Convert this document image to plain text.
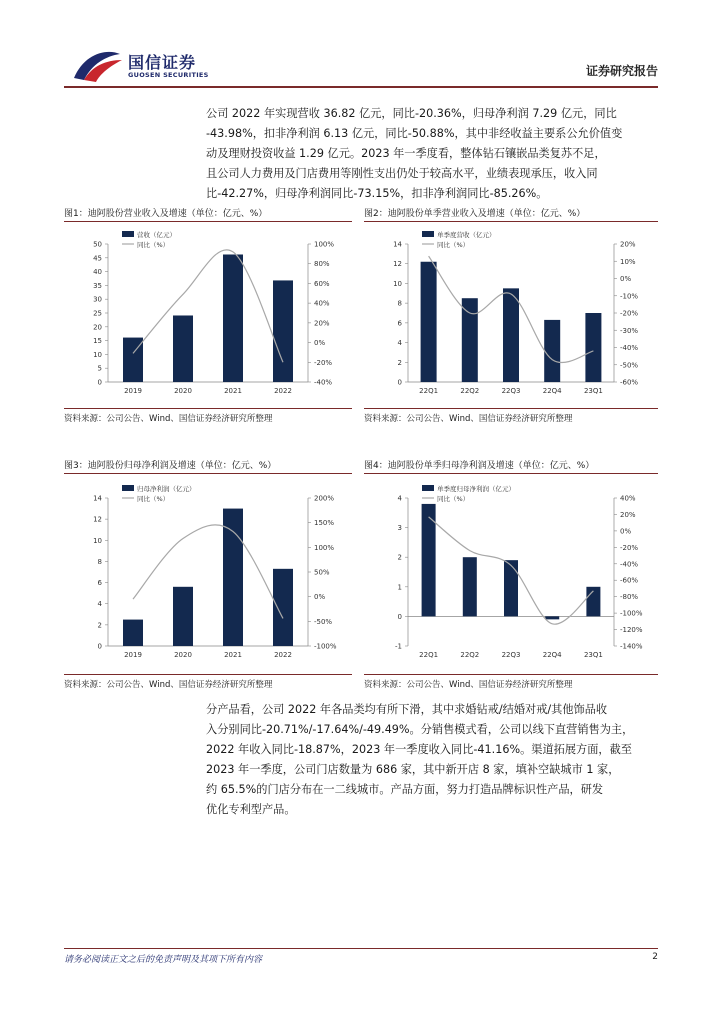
国信证券
GUOSEN SECURITIES	证券研究报告
公司 2022 年实现营收 36.82 亿元，同比-20.36%，归母净利润 7.29 亿元，同比
-43.98%，扣非净利润 6.13 亿元，同比-50.88%，其中非经收益主要系公允价值变
动及理财投资收益 1.29 亿元。2023 年一季度看，整体钻石镶嵌品类复苏不足，
且公司人力费用及门店费用等刚性支出仍处于较高水平，业绩表现承压，收入同
比-42.27%，归母净利润同比-73.15%，扣非净利润同比-85.26%。
图1：迪阿股份营业收入及增速（单位：亿元、%）
0
5
10
15
20
25
30
35
40
45
50
-40%
-20%
0%
20%
40%
60%
80%
100%
2019	2020	2021	2022
营收（亿元）
同比（%）
资料来源：公司公告、Wind、国信证券经济研究所整理
图2：迪阿股份单季营业收入及增速（单位：亿元、%）
0
2
4
6
8
10
12
14
-60%
-50%
-40%
-30%
-20%
-10%
0%
10%
20%
22Q1	22Q2	22Q3	22Q4	23Q1
单季度营收（亿元）
同比（%）
资料来源：公司公告、Wind、国信证券经济研究所整理
图3：迪阿股份归母净利润及增速（单位：亿元、%）
0
2
4
6
8
10
12
14
-100%
-50%
0%
50%
100%
150%
200%
2019	2020	2021	2022
归母净利润（亿元）
同比（%）
资料来源：公司公告、Wind、国信证券经济研究所整理
图4：迪阿股份单季归母净利润及增速（单位：亿元、%）
-1
0
1
2
3
4
-140%
-120%
-100%
-80%
-60%
-40%
-20%
0%
20%
40%
22Q1	22Q2	22Q3	22Q4	23Q1
单季度归母净利润（亿元）
同比（%）
资料来源：公司公告、Wind、国信证券经济研究所整理
分产品看，公司 2022 年各品类均有所下滑，其中求婚钻戒/结婚对戒/其他饰品收
入分别同比-20.71%/-17.64%/-49.49%。分销售模式看，公司以线下直营销售为主，
2022 年收入同比-18.87%，2023 年一季度收入同比-41.16%。渠道拓展方面，截至
2023 年一季度，公司门店数量为 686 家，其中新开店 8 家，填补空缺城市 1 家，
约 65.5%的门店分布在一二线城市。产品方面，努力打造品牌标识性产品，研发
优化专利型产品。
请务必阅读正文之后的免责声明及其项下所有内容	2
